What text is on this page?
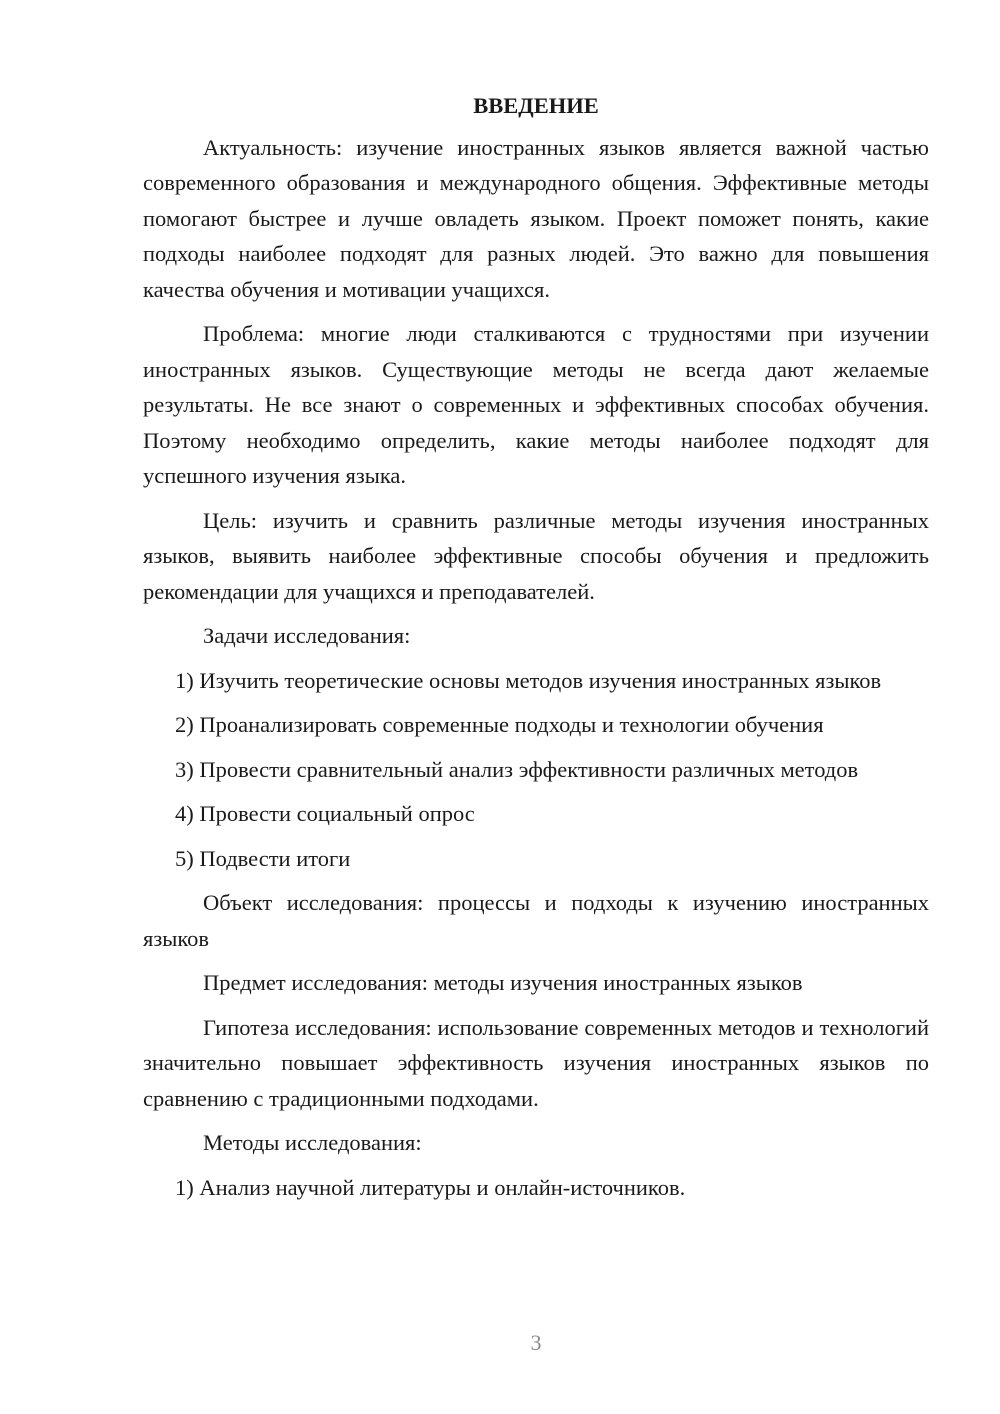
ВВЕДЕНИЕ

Актуальность: изучение иностранных языков является важной частью современного образования и международного общения. Эффективные методы помогают быстрее и лучше овладеть языком. Проект поможет понять, какие подходы наиболее подходят для разных людей. Это важно для повышения качества обучения и мотивации учащихся.

Проблема: многие люди сталкиваются с трудностями при изучении иностранных языков. Существующие методы не всегда дают желаемые результаты. Не все знают о современных и эффективных способах обучения. Поэтому необходимо определить, какие методы наиболее подходят для успешного изучения языка.

Цель: изучить и сравнить различные методы изучения иностранных языков, выявить наиболее эффективные способы обучения и предложить рекомендации для учащихся и преподавателей.

Задачи исследования:

1) Изучить теоретические основы методов изучения иностранных языков

2) Проанализировать современные подходы и технологии обучения

3) Провести сравнительный анализ эффективности различных методов

4) Провести социальный опрос

5) Подвести итоги

Объект исследования: процессы и подходы к изучению иностранных языков

Предмет исследования: методы изучения иностранных языков

Гипотеза исследования: использование современных методов и технологий значительно повышает эффективность изучения иностранных языков по сравнению с традиционными подходами.

Методы исследования:

1) Анализ научной литературы и онлайн-источников.

3
